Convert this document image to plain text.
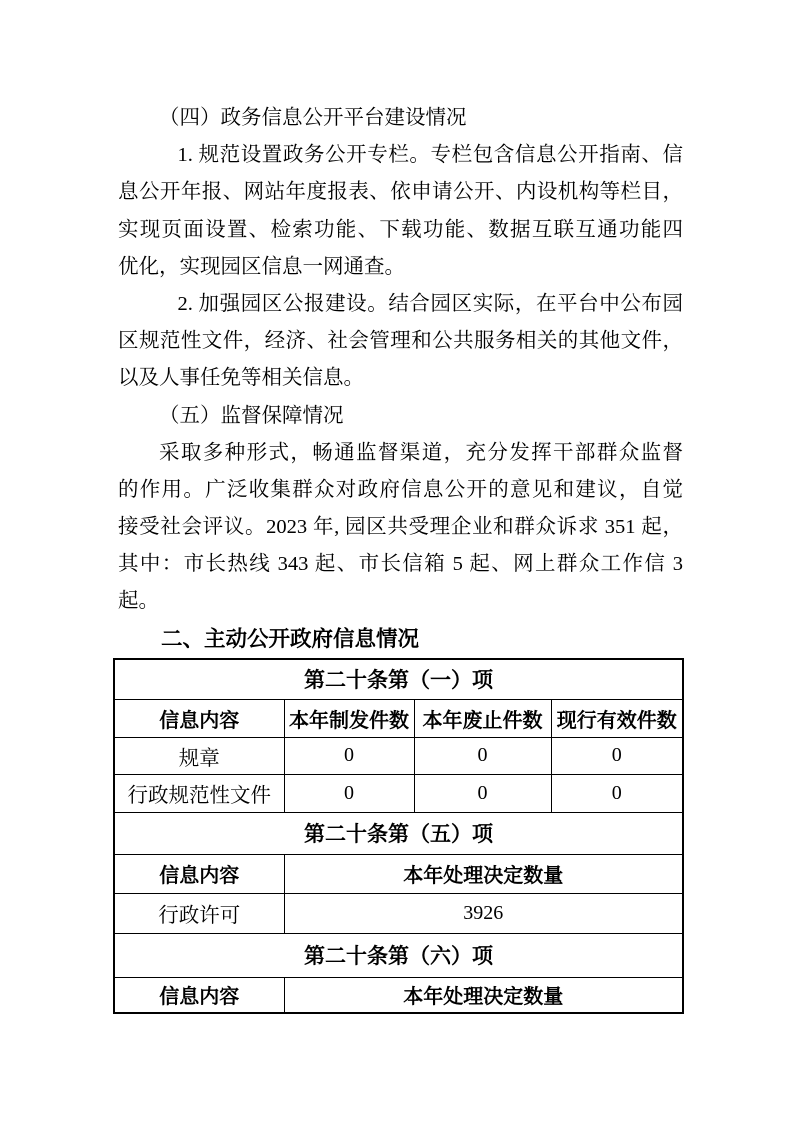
（四）政务信息公开平台建设情况
1. 规范设置政务公开专栏。专栏包含信息公开指南、信
息公开年报、网站年度报表、依申请公开、内设机构等栏目，
实现页面设置、检索功能、下载功能、数据互联互通功能四
优化，实现园区信息一网通查。
2. 加强园区公报建设。结合园区实际，在平台中公布园
区规范性文件，经济、社会管理和公共服务相关的其他文件，
以及人事任免等相关信息。
（五）监督保障情况
采取多种形式，畅通监督渠道，充分发挥干部群众监督
的作用。广泛收集群众对政府信息公开的意见和建议，自觉
接受社会评议。2023 年, 园区共受理企业和群众诉求 351 起，
其中：市长热线 343 起、市长信箱 5 起、网上群众工作信 3
起。
二、主动公开政府信息情况
第二十条第（一）项			
信息内容	本年制发件数	本年废止件数	现行有效件数
规章	0	0	0
行政规范性文件	0	0	0
第二十条第（五）项			
信息内容	本年处理决定数量		
行政许可	3926		
第二十条第（六）项			
信息内容	本年处理决定数量		
